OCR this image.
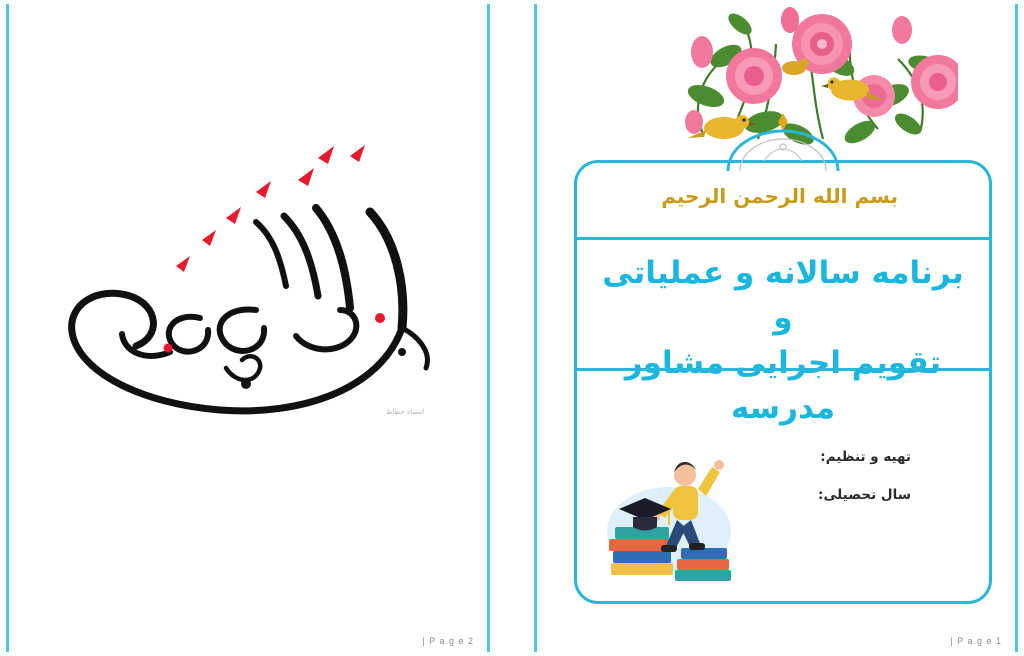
بسم الله الرحمن الرحیم
برنامه سالانه و عملیاتی و
تقویم اجرایی مشاور مدرسه
تهیه و تنظیم:
سال تحصیلی:
| P a g e 1
امضاء خطاط
| P a g e 2
